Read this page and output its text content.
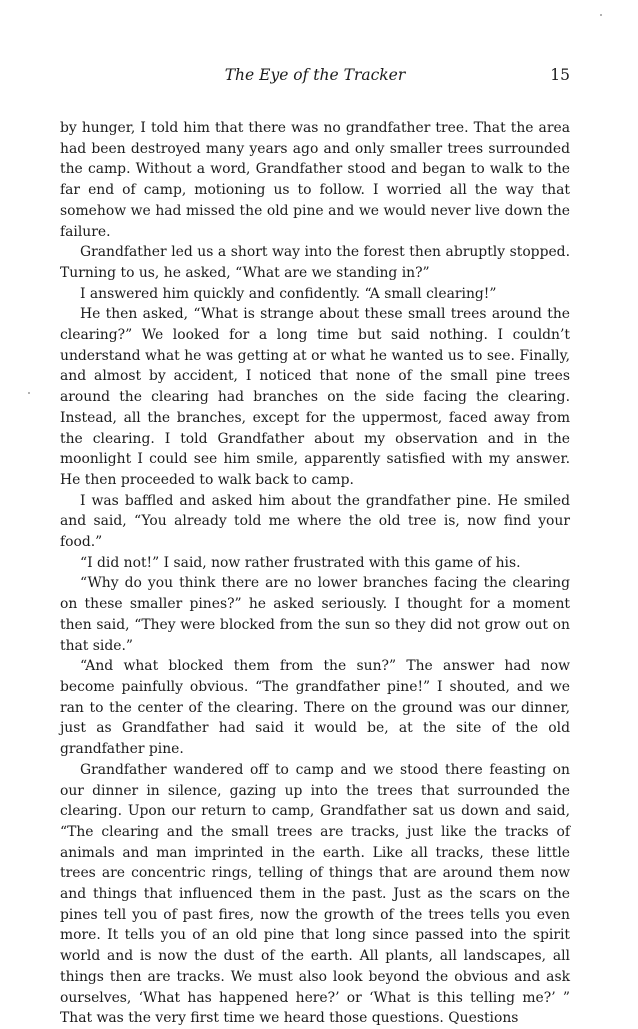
The Eye of the Tracker	15

by hunger, I told him that there was no grandfather tree. That the area had been destroyed many years ago and only smaller trees surrounded the camp. Without a word, Grandfather stood and began to walk to the far end of camp, motioning us to follow. I worried all the way that somehow we had missed the old pine and we would never live down the failure.

Grandfather led us a short way into the forest then abruptly stopped. Turning to us, he asked, “What are we standing in?”

I answered him quickly and confidently. “A small clearing!”

He then asked, “What is strange about these small trees around the clearing?” We looked for a long time but said nothing. I couldn’t understand what he was getting at or what he wanted us to see. Finally, and almost by accident, I noticed that none of the small pine trees around the clearing had branches on the side facing the clearing. Instead, all the branches, except for the uppermost, faced away from the clearing. I told Grandfather about my observation and in the moonlight I could see him smile, apparently satisfied with my answer. He then proceeded to walk back to camp.

I was baffled and asked him about the grandfather pine. He smiled and said, “You already told me where the old tree is, now find your food.”

“I did not!” I said, now rather frustrated with this game of his.

“Why do you think there are no lower branches facing the clearing on these smaller pines?” he asked seriously. I thought for a moment then said, “They were blocked from the sun so they did not grow out on that side.”

“And what blocked them from the sun?” The answer had now become painfully obvious. “The grandfather pine!” I shouted, and we ran to the center of the clearing. There on the ground was our dinner, just as Grandfather had said it would be, at the site of the old grandfather pine.

Grandfather wandered off to camp and we stood there feasting on our dinner in silence, gazing up into the trees that surrounded the clearing. Upon our return to camp, Grandfather sat us down and said, “The clearing and the small trees are tracks, just like the tracks of animals and man imprinted in the earth. Like all tracks, these little trees are concentric rings, telling of things that are around them now and things that influenced them in the past. Just as the scars on the pines tell you of past fires, now the growth of the trees tells you even more. It tells you of an old pine that long since passed into the spirit world and is now the dust of the earth. All plants, all landscapes, all things then are tracks. We must also look beyond the obvious and ask ourselves, ‘What has happened here?’ or ‘What is this telling me?’ ” That was the very first time we heard those questions. Questions
